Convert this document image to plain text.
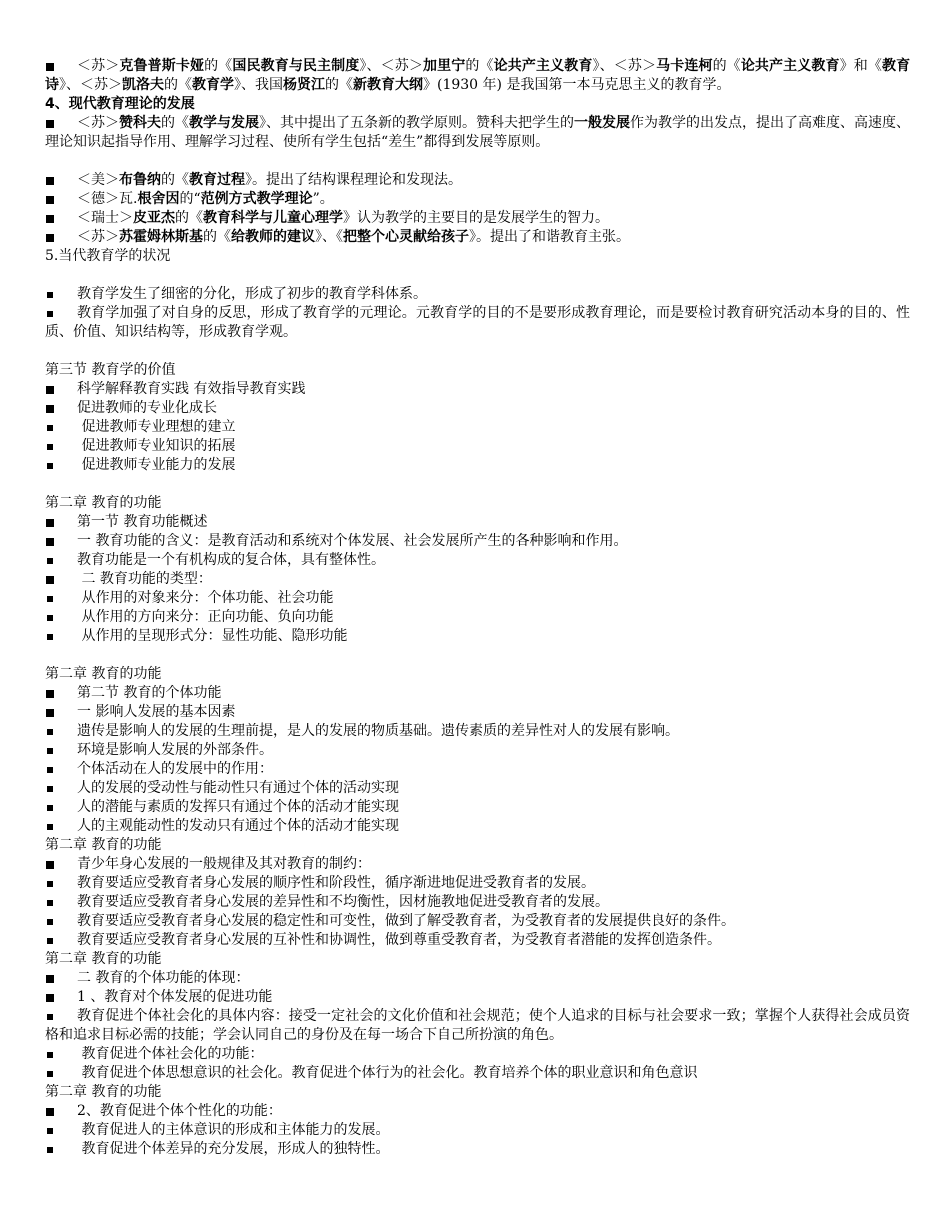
＜苏＞克鲁普斯卡娅的《国民教育与民主制度》、＜苏＞加里宁的《论共产主义教育》、＜苏＞马卡连柯的《论共产主义教育》和《教育诗》、＜苏＞凯洛夫的《教育学》、我国杨贤江的《新教育大纲》(1930 年) 是我国第一本马克思主义的教育学。
4、现代教育理论的发展
＜苏＞赞科夫的《教学与发展》、其中提出了五条新的教学原则。赞科夫把学生的一般发展作为教学的出发点，提出了高难度、高速度、理论知识起指导作用、理解学习过程、使所有学生包括“差生”都得到发展等原则。
＜美＞布鲁纳的《教育过程》。提出了结构课程理论和发现法。
＜德＞瓦.根舍因的“范例方式教学理论”。
＜瑞士＞皮亚杰的《教育科学与儿童心理学》认为教学的主要目的是发展学生的智力。
＜苏＞苏霍姆林斯基的《给教师的建议》、《把整个心灵献给孩子》。提出了和谐教育主张。
5.当代教育学的状况
教育学发生了细密的分化，形成了初步的教育学科体系。
教育学加强了对自身的反思，形成了教育学的元理论。元教育学的目的不是要形成教育理论，而是要检讨教育研究活动本身的目的、性质、价值、知识结构等，形成教育学观。
第三节 教育学的价值
科学解释教育实践 有效指导教育实践
促进教师的专业化成长
促进教师专业理想的建立
促进教师专业知识的拓展
促进教师专业能力的发展
第二章 教育的功能
第一节 教育功能概述
一 教育功能的含义：是教育活动和系统对个体发展、社会发展所产生的各种影响和作用。
教育功能是一个有机构成的复合体，具有整体性。
二 教育功能的类型：
从作用的对象来分：个体功能、社会功能
从作用的方向来分：正向功能、负向功能
从作用的呈现形式分：显性功能、隐形功能
第二章 教育的功能
第二节 教育的个体功能
一 影响人发展的基本因素
遗传是影响人的发展的生理前提，是人的发展的物质基础。遗传素质的差异性对人的发展有影响。
环境是影响人发展的外部条件。
个体活动在人的发展中的作用：
人的发展的受动性与能动性只有通过个体的活动实现
人的潜能与素质的发挥只有通过个体的活动才能实现
人的主观能动性的发动只有通过个体的活动才能实现
第二章 教育的功能
青少年身心发展的一般规律及其对教育的制约：
教育要适应受教育者身心发展的顺序性和阶段性，循序渐进地促进受教育者的发展。
教育要适应受教育者身心发展的差异性和不均衡性，因材施教地促进受教育者的发展。
教育要适应受教育者身心发展的稳定性和可变性，做到了解受教育者，为受教育者的发展提供良好的条件。
教育要适应受教育者身心发展的互补性和协调性，做到尊重受教育者，为受教育者潜能的发挥创造条件。
第二章 教育的功能
二 教育的个体功能的体现：
1 、教育对个体发展的促进功能
教育促进个体社会化的具体内容：接受一定社会的文化价值和社会规范；使个人追求的目标与社会要求一致；掌握个人获得社会成员资格和追求目标必需的技能；学会认同自己的身份及在每一场合下自己所扮演的角色。
教育促进个体社会化的功能：
教育促进个体思想意识的社会化。教育促进个体行为的社会化。教育培养个体的职业意识和角色意识
第二章 教育的功能
2、教育促进个体个性化的功能：
教育促进人的主体意识的形成和主体能力的发展。
教育促进个体差异的充分发展，形成人的独特性。
